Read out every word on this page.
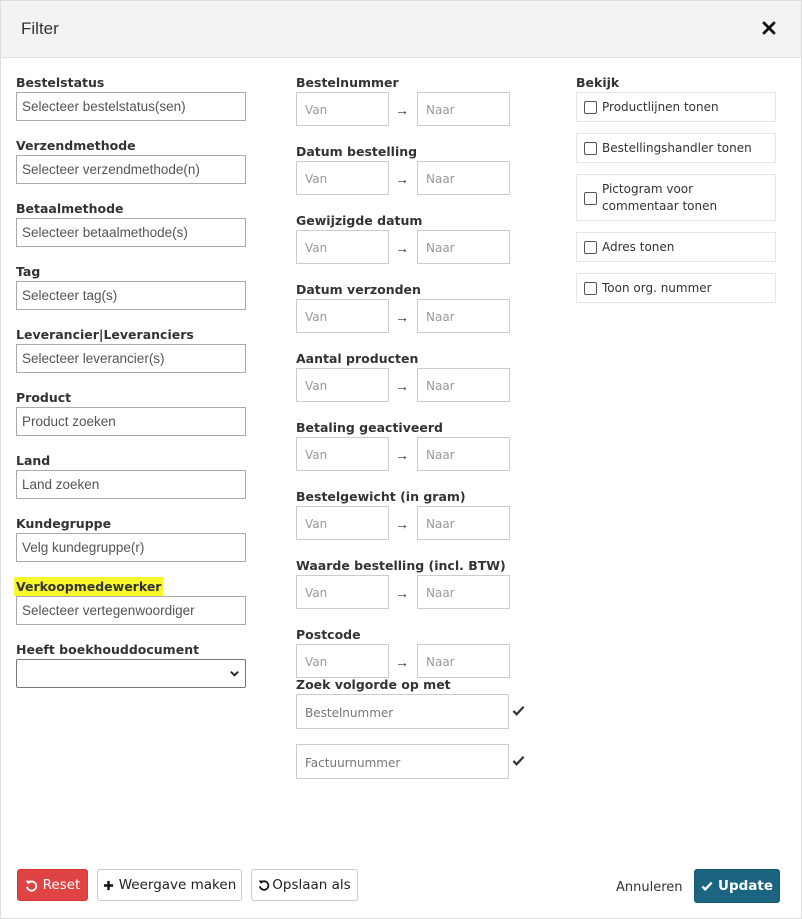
Filter
Bestelstatus
Selecteer bestelstatus(sen)
Verzendmethode
Selecteer verzendmethode(n)
Betaalmethode
Selecteer betaalmethode(s)
Tag
Selecteer tag(s)
Leverancier|Leveranciers
Selecteer leverancier(s)
Product
Product zoeken
Land
Land zoeken
Kundegruppe
Velg kundegruppe(r)
Verkoopmedewerker
Selecteer vertegenwoordiger
Heeft boekhouddocument
Bestelnummer
Van	→	Naar
Datum bestelling
Van	→	Naar
Gewijzigde datum
Van	→	Naar
Datum verzonden
Van	→	Naar
Aantal producten
Van	→	Naar
Betaling geactiveerd
Van	→	Naar
Bestelgewicht (in gram)
Van	→	Naar
Waarde bestelling (incl. BTW)
Van	→	Naar
Postcode
Van	→	Naar
Zoek volgorde op met
Bestelnummer
Factuurnummer
Bekijk
Productlijnen tonen
Bestellingshandler tonen
Pictogram voor commentaar tonen
Adres tonen
Toon org. nummer
Reset	Weergave maken	Opslaan als	Annuleren	Update
